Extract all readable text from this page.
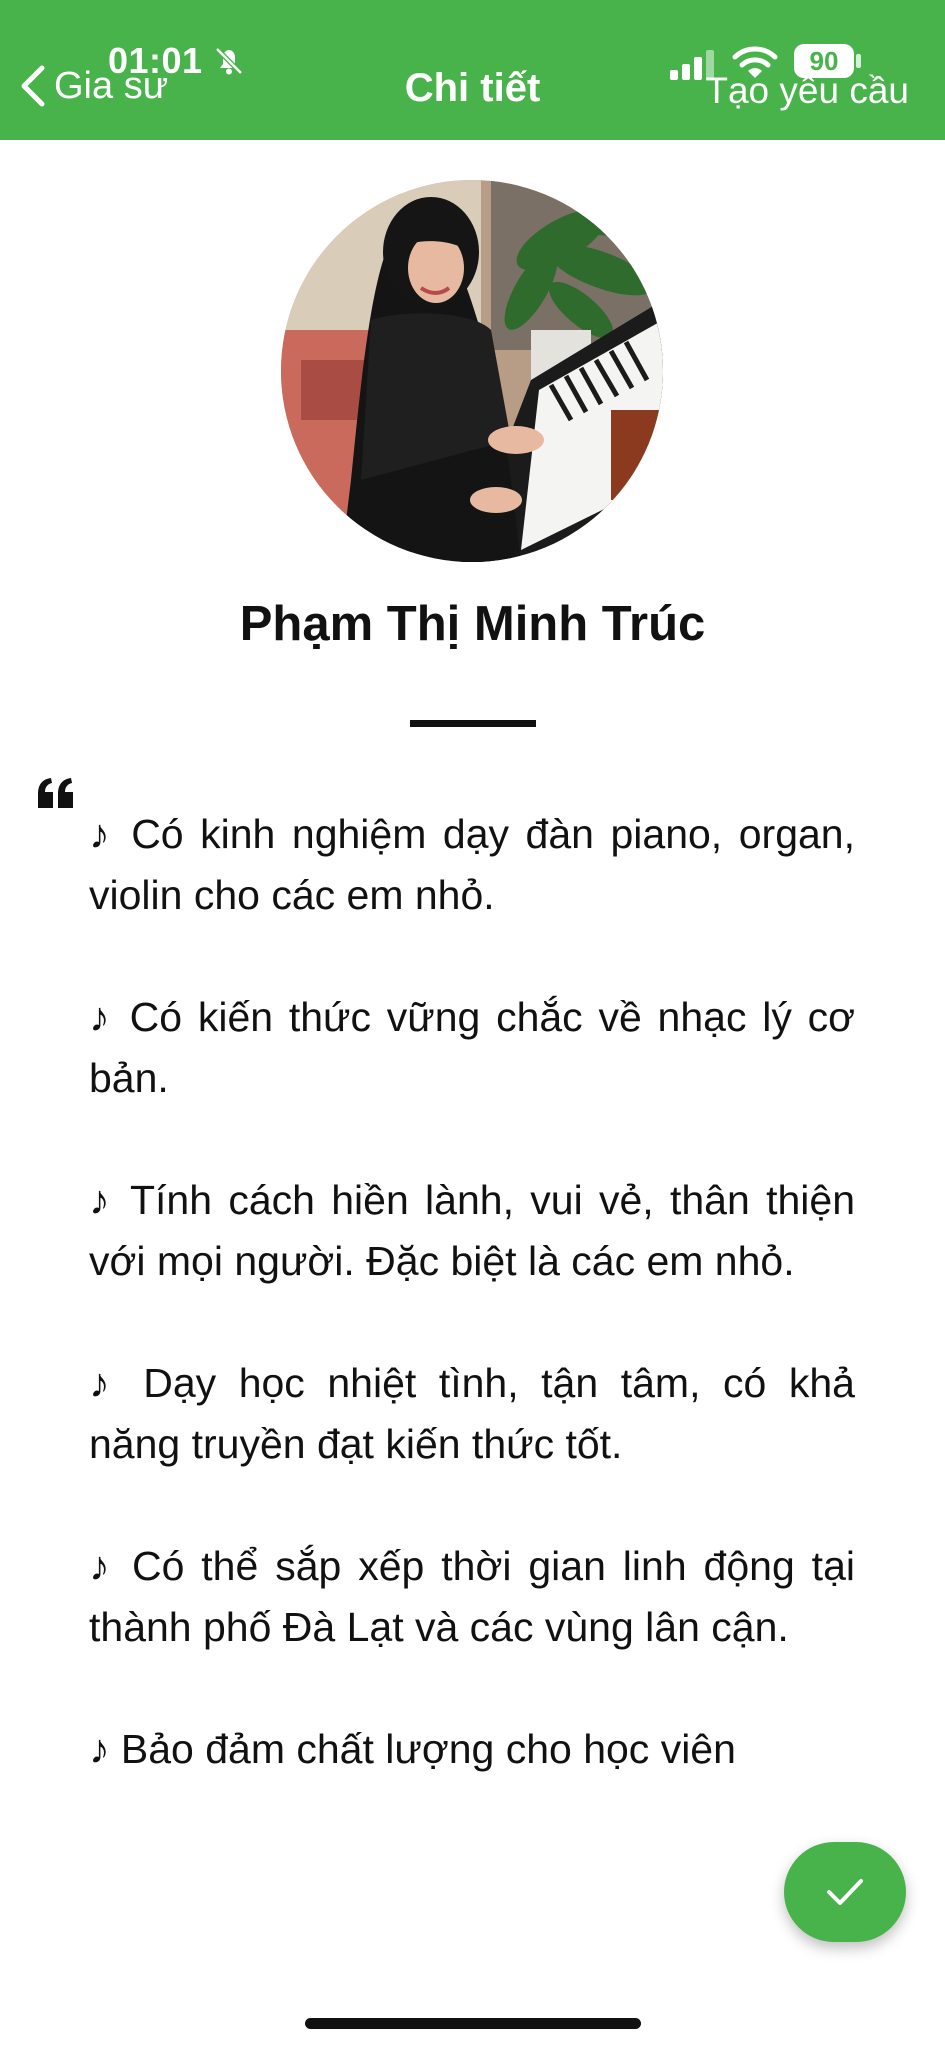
01:01
Gia sư	Chi tiết
90
Tạo yêu cầu
Phạm Thị Minh Trúc

♪ Có kinh nghiệm dạy đàn piano, organ, violin cho các em nhỏ.

♪ Có kiến thức vững chắc về nhạc lý cơ bản.

♪ Tính cách hiền lành, vui vẻ, thân thiện với mọi người. Đặc biệt là các em nhỏ.

♪ Dạy học nhiệt tình, tận tâm, có khả năng truyền đạt kiến thức tốt.

♪ Có thể sắp xếp thời gian linh động tại thành phố Đà Lạt và các vùng lân cận.

♪ Bảo đảm chất lượng cho học viên
